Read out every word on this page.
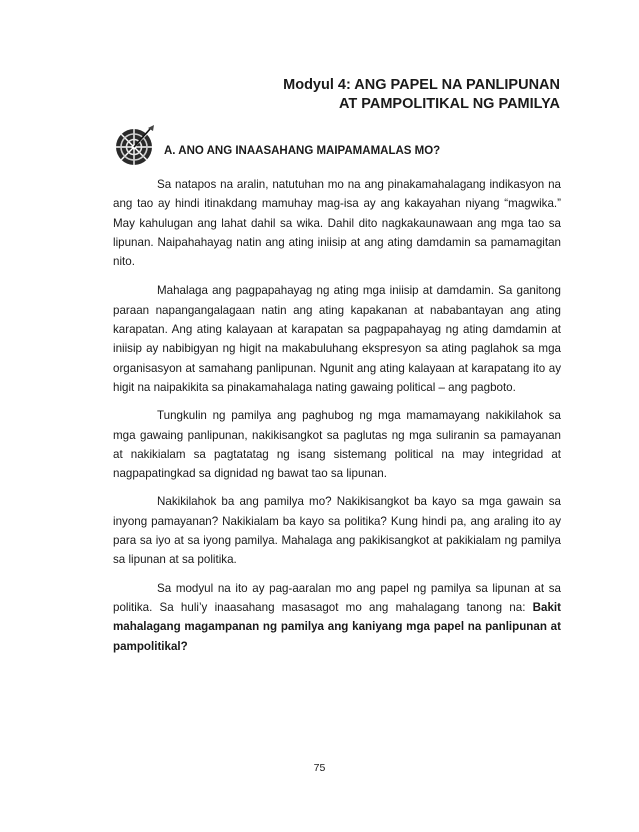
Modyul 4: ANG PAPEL NA PANLIPUNAN
AT PAMPOLITIKAL NG PAMILYA
A. ANO ANG INAASAHANG MAIPAMAMALAS MO?

Sa natapos na aralin, natutuhan mo na ang pinakamahalagang indikasyon na ang tao ay hindi itinakdang mamuhay mag-isa ay ang kakayahan niyang “magwika.” May kahulugan ang lahat dahil sa wika. Dahil dito nagkakaunawaan ang mga tao sa lipunan. Naipahahayag natin ang ating iniisip at ang ating damdamin sa pamamagitan nito.

Mahalaga ang pagpapahayag ng ating mga iniisip at damdamin. Sa ganitong paraan napangangalagaan natin ang ating kapakanan at nababantayan ang ating karapatan. Ang ating kalayaan at karapatan sa pagpapahayag ng ating damdamin at iniisip ay nabibigyan ng higit na makabuluhang ekspresyon sa ating paglahok sa mga organisasyon at samahang panlipunan. Ngunit ang ating kalayaan at karapatang ito ay higit na naipakikita sa pinakamahalaga nating gawaing political – ang pagboto.

Tungkulin ng pamilya ang paghubog ng mga mamamayang nakikilahok sa mga gawaing panlipunan, nakikisangkot sa paglutas ng mga suliranin sa pamayanan at nakikialam sa pagtatatag ng isang sistemang political na may integridad at nagpapatingkad sa dignidad ng bawat tao sa lipunan.

Nakikilahok ba ang pamilya mo? Nakikisangkot ba kayo sa mga gawain sa inyong pamayanan? Nakikialam ba kayo sa politika? Kung hindi pa, ang araling ito ay para sa iyo at sa iyong pamilya. Mahalaga ang pakikisangkot at pakikialam ng pamilya sa lipunan at sa politika.

Sa modyul na ito ay pag-aaralan mo ang papel ng pamilya sa lipunan at sa politika. Sa huli’y inaasahang masasagot mo ang mahalagang tanong na: Bakit mahalagang magampanan ng pamilya ang kaniyang mga papel na panlipunan at pampolitikal?

75
